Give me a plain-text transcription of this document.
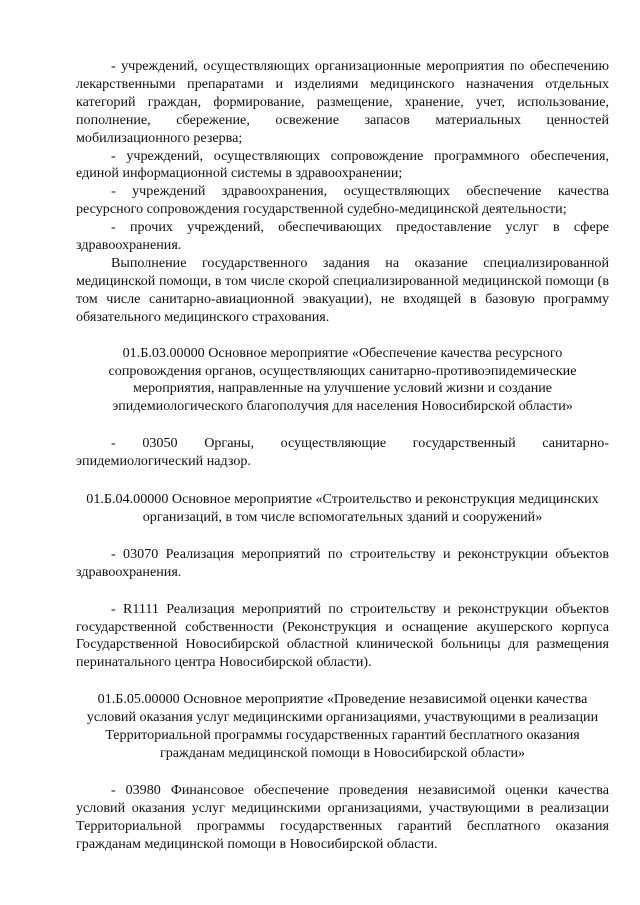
- учреждений, осуществляющих организационные мероприятия по обеспечению лекарственными препаратами и изделиями медицинского назначения отдельных категорий граждан, формирование, размещение, хранение, учет, использование, пополнение, сбережение, освежение запасов материальных ценностей мобилизационного резерва;

- учреждений, осуществляющих сопровождение программного обеспечения, единой информационной системы в здравоохранении;

- учреждений здравоохранения, осуществляющих обеспечение качества ресурсного сопровождения государственной судебно-медицинской деятельности;

- прочих учреждений, обеспечивающих предоставление услуг в сфере здравоохранения.

Выполнение государственного задания на оказание специализированной медицинской помощи, в том числе скорой специализированной медицинской помощи (в том числе санитарно-авиационной эвакуации), не входящей в базовую программу обязательного медицинского страхования.

01.Б.03.00000 Основное мероприятие «Обеспечение качества ресурсного сопровождения органов, осуществляющих санитарно-противоэпидемические мероприятия, направленные на улучшение условий жизни и создание эпидемиологического благополучия для населения Новосибирской области»

- 03050 Органы, осуществляющие государственный санитарно-эпидемиологический надзор.

01.Б.04.00000 Основное мероприятие «Строительство и реконструкция медицинских организаций, в том числе вспомогательных зданий и сооружений»

- 03070 Реализация мероприятий по строительству и реконструкции объектов здравоохранения.

- R1111 Реализация мероприятий по строительству и реконструкции объектов государственной собственности (Реконструкция и оснащение акушерского корпуса Государственной Новосибирской областной клинической больницы для размещения перинатального центра Новосибирской области).

01.Б.05.00000 Основное мероприятие «Проведение независимой оценки качества условий оказания услуг медицинскими организациями, участвующими в реализации Территориальной программы государственных гарантий бесплатного оказания гражданам медицинской помощи в Новосибирской области»

- 03980 Финансовое обеспечение проведения независимой оценки качества условий оказания услуг медицинскими организациями, участвующими в реализации Территориальной программы государственных гарантий бесплатного оказания гражданам медицинской помощи в Новосибирской области.
